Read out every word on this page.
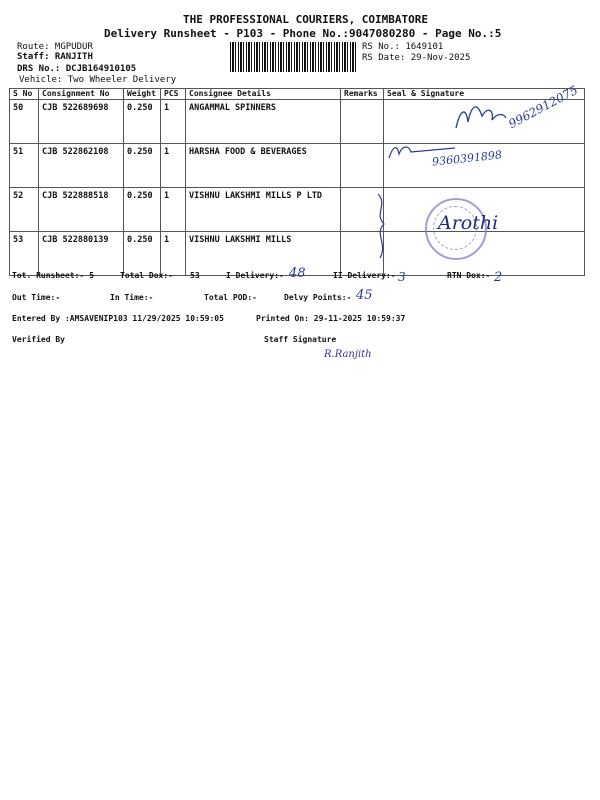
THE PROFESSIONAL COURIERS, COIMBATORE
Delivery Runsheet - P103 - Phone No.:9047080280 - Page No.:5
Route: MGPUDUR
Staff: RANJITH
DRS No.: DCJB164910105
Vehicle: Two Wheeler Delivery
RS No.: 1649101
RS Date: 29-Nov-2025
S No	Consignment No	Weight	PCS	Consignee Details	Remarks	Seal & Signature
50	CJB 522689698	0.250	1	ANGAMMAL SPINNERS		
51	CJB 522862108	0.250	1	HARSHA FOOD & BEVERAGES		
52	CJB 522888518	0.250	1	VISHNU LAKSHMI MILLS P LTD		
53	CJB 522880139	0.250	1	VISHNU LAKSHMI MILLS		
9962912075
9360391898
Arothi
Tot. Runsheet:- 5	Total Dox:- 53	I Delivery:- 48	II Delivery:- 3	RTN Dox:- 2
Out Time:-	In Time:-	Total POD:-	Delvy Points:- 45
Entered By :AMSAVENIP103 11/29/2025 10:59:05	Printed On: 29-11-2025 10:59:37
Verified By	Staff Signature
R.Ranjith
